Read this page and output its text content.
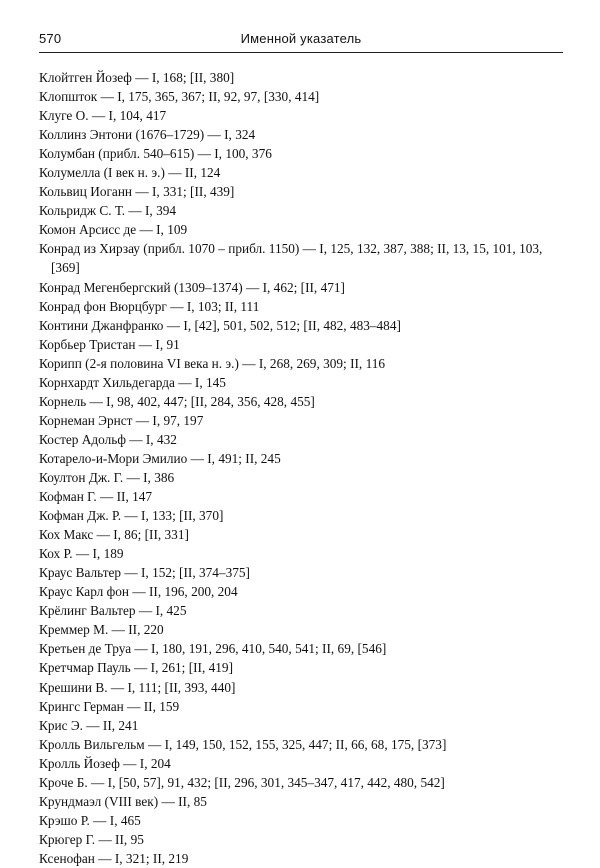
570	Именной указатель
Клойтген Йозеф — I, 168; [II, 380]
Клопшток — I, 175, 365, 367; II, 92, 97, [330, 414]
Клуге О. — I, 104, 417
Коллинз Энтони (1676–1729) — I, 324
Колумбан (прибл. 540–615) — I, 100, 376
Колумелла (I век н. э.) — II, 124
Кольвиц Иоганн — I, 331; [II, 439]
Кольридж С. Т. — I, 394
Комон Арсисс де — I, 109
Конрад из Хирзау (прибл. 1070 – прибл. 1150) — I, 125, 132, 387, 388; II, 13, 15, 101, 103, [369]
Конрад Мегенбергский (1309–1374) — I, 462; [II, 471]
Конрад фон Вюрцбург — I, 103; II, 111
Контини Джанфранко — I, [42], 501, 502, 512; [II, 482, 483–484]
Корбьер Тристан — I, 91
Корипп (2-я половина VI века н. э.) — I, 268, 269, 309; II, 116
Корнхардт Хильдегарда — I, 145
Корнель — I, 98, 402, 447; [II, 284, 356, 428, 455]
Корнеман Эрнст — I, 97, 197
Костер Адольф — I, 432
Котарело-и-Мори Эмилио — I, 491; II, 245
Коултон Дж. Г. — I, 386
Кофман Г. — II, 147
Кофман Дж. Р. — I, 133; [II, 370]
Кох Макс — I, 86; [II, 331]
Кох Р. — I, 189
Краус Вальтер — I, 152; [II, 374–375]
Краус Карл фон — II, 196, 200, 204
Крёлинг Вальтер — I, 425
Креммер М. — II, 220
Кретьен де Труа — I, 180, 191, 296, 410, 540, 541; II, 69, [546]
Кретчмар Пауль — I, 261; [II, 419]
Крешини В. — I, 111; [II, 393, 440]
Крингс Герман — II, 159
Крис Э. — II, 241
Кролль Вильгельм — I, 149, 150, 152, 155, 325, 447; II, 66, 68, 175, [373]
Кролль Йозеф — I, 204
Кроче Б. — I, [50, 57], 91, 432; [II, 296, 301, 345–347, 417, 442, 480, 542]
Крундмаэл (VIII век) — II, 85
Крэшо Р. — I, 465
Крюгер Г. — II, 95
Ксенофан — I, 321; II, 219
